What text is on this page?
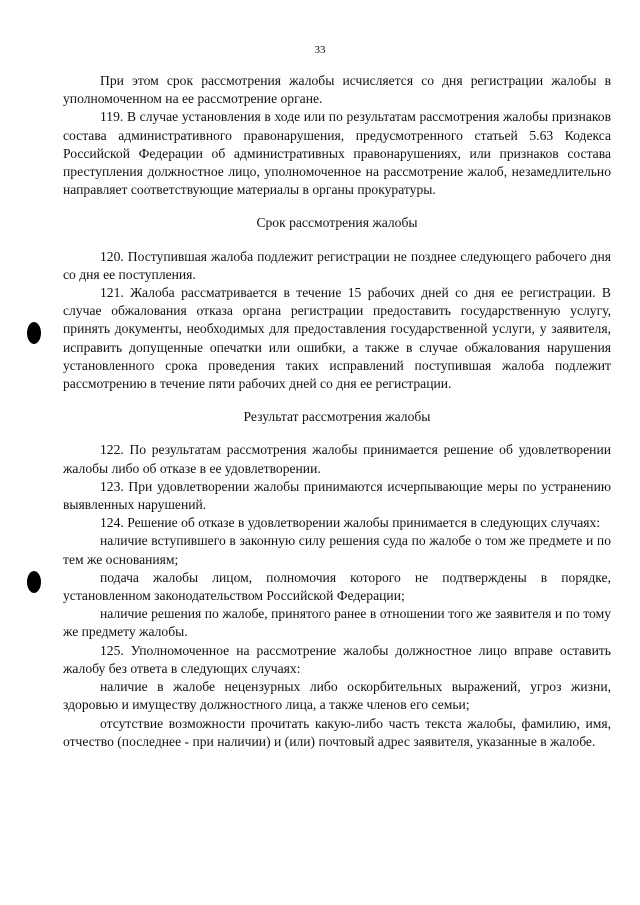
33

При этом срок рассмотрения жалобы исчисляется со дня регистрации жалобы в уполномоченном на ее рассмотрение органе.

119. В случае установления в ходе или по результатам рассмотрения жалобы признаков состава административного правонарушения, предусмотренного статьей 5.63 Кодекса Российской Федерации об административных правонарушениях, или признаков состава преступления должностное лицо, уполномоченное на рассмотрение жалоб, незамедлительно направляет соответствующие материалы в органы прокуратуры.

Срок рассмотрения жалобы

120. Поступившая жалоба подлежит регистрации не позднее следующего рабочего дня со дня ее поступления.

121. Жалоба рассматривается в течение 15 рабочих дней со дня ее регистрации. В случае обжалования отказа органа регистрации предоставить государственную услугу, принять документы, необходимых для предоставления государственной услуги, у заявителя, исправить допущенные опечатки или ошибки, а также в случае обжалования нарушения установленного срока проведения таких исправлений поступившая жалоба подлежит рассмотрению в течение пяти рабочих дней со дня ее регистрации.

Результат рассмотрения жалобы

122. По результатам рассмотрения жалобы принимается решение об удовлетворении жалобы либо об отказе в ее удовлетворении.

123. При удовлетворении жалобы принимаются исчерпывающие меры по устранению выявленных нарушений.

124. Решение об отказе в удовлетворении жалобы принимается в следующих случаях:

наличие вступившего в законную силу решения суда по жалобе о том же предмете и по тем же основаниям;

подача жалобы лицом, полномочия которого не подтверждены в порядке, установленном законодательством Российской Федерации;

наличие решения по жалобе, принятого ранее в отношении того же заявителя и по тому же предмету жалобы.

125. Уполномоченное на рассмотрение жалобы должностное лицо вправе оставить жалобу без ответа в следующих случаях:

наличие в жалобе нецензурных либо оскорбительных выражений, угроз жизни, здоровью и имуществу должностного лица, а также членов его семьи;

отсутствие возможности прочитать какую-либо часть текста жалобы, фамилию, имя, отчество (последнее - при наличии) и (или) почтовый адрес заявителя, указанные в жалобе.
